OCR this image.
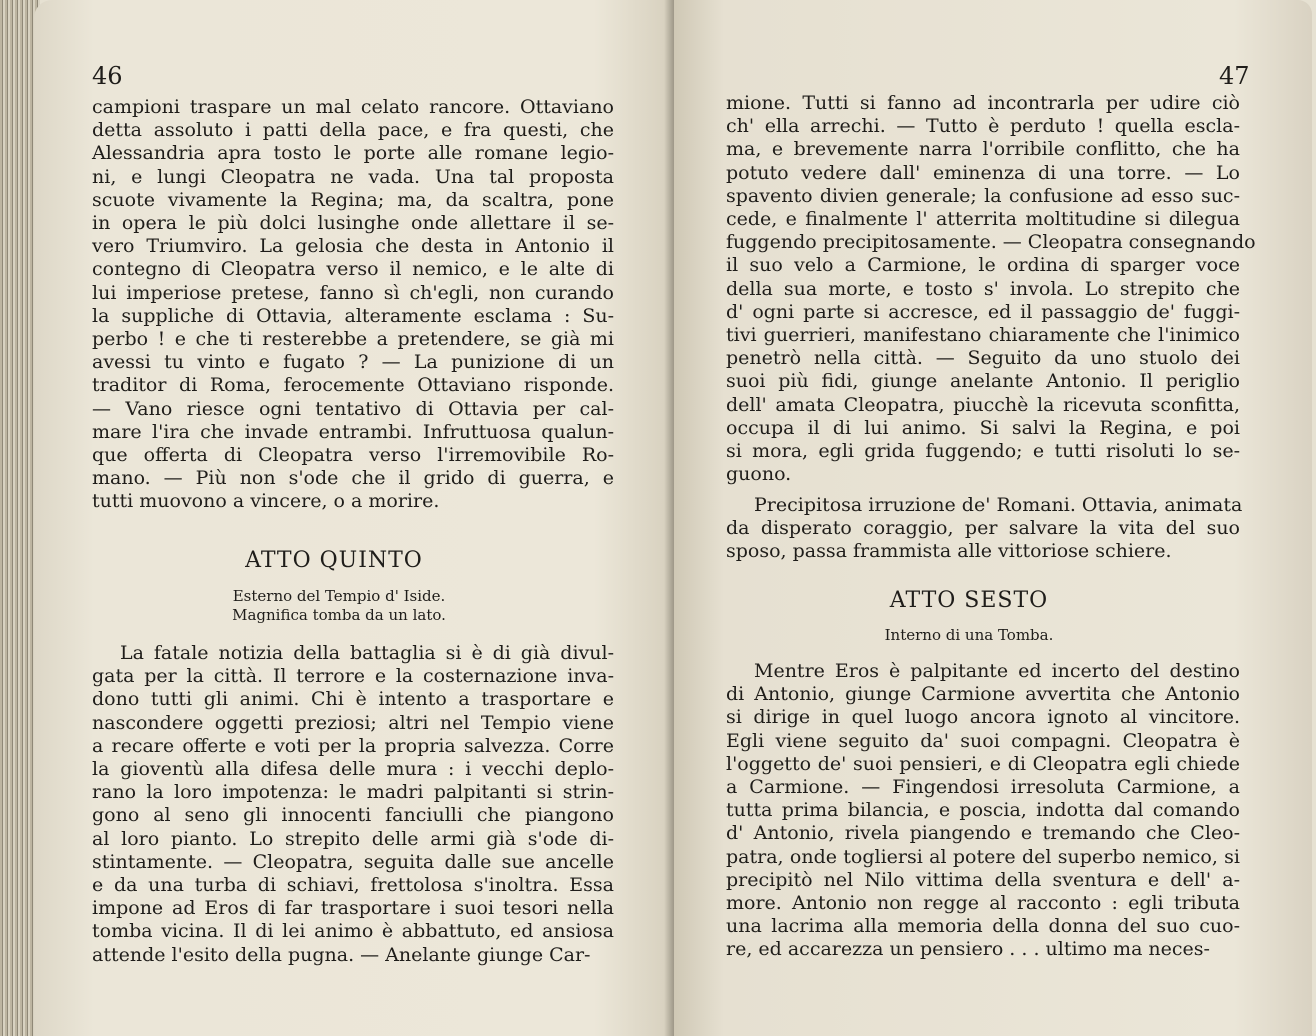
46
campioni traspare un mal celato rancore. Ottaviano
detta assoluto i patti della pace, e fra questi, che
Alessandria apra tosto le porte alle romane legio-
ni, e lungi Cleopatra ne vada. Una tal proposta
scuote vivamente la Regina; ma, da scaltra, pone
in opera le più dolci lusinghe onde allettare il se-
vero Triumviro. La gelosia che desta in Antonio il
contegno di Cleopatra verso il nemico, e le alte di
lui imperiose pretese, fanno sì ch'egli, non curando
la suppliche di Ottavia, alteramente esclama : Su-
perbo ! e che ti resterebbe a pretendere, se già mi
avessi tu vinto e fugato ? — La punizione di un
traditor di Roma, ferocemente Ottaviano risponde.
— Vano riesce ogni tentativo di Ottavia per cal-
mare l'ira che invade entrambi. Infruttuosa qualun-
que offerta di Cleopatra verso l'irremovibile Ro-
mano. — Più non s'ode che il grido di guerra, e
tutti muovono a vincere, o a morire.
ATTO QUINTO
Esterno del Tempio d' Iside.
Magnifica tomba da un lato.
La fatale notizia della battaglia si è di già divul-
gata per la città. Il terrore e la costernazione inva-
dono tutti gli animi. Chi è intento a trasportare e
nascondere oggetti preziosi; altri nel Tempio viene
a recare offerte e voti per la propria salvezza. Corre
la gioventù alla difesa delle mura : i vecchi deplo-
rano la loro impotenza: le madri palpitanti si strin-
gono al seno gli innocenti fanciulli che piangono
al loro pianto. Lo strepito delle armi già s'ode di-
stintamente. — Cleopatra, seguita dalle sue ancelle
e da una turba di schiavi, frettolosa s'inoltra. Essa
impone ad Eros di far trasportare i suoi tesori nella
tomba vicina. Il di lei animo è abbattuto, ed ansiosa
attende l'esito della pugna. — Anelante giunge Car-
47
mione. Tutti si fanno ad incontrarla per udire ciò
ch' ella arrechi. — Tutto è perduto ! quella escla-
ma, e brevemente narra l'orribile conflitto, che ha
potuto vedere dall' eminenza di una torre. — Lo
spavento divien generale; la confusione ad esso suc-
cede, e finalmente l' atterrita moltitudine si dilegua
fuggendo precipitosamente. — Cleopatra consegnando
il suo velo a Carmione, le ordina di sparger voce
della sua morte, e tosto s' invola. Lo strepito che
d' ogni parte si accresce, ed il passaggio de' fuggi-
tivi guerrieri, manifestano chiaramente che l'inimico
penetrò nella città. — Seguito da uno stuolo dei
suoi più fidi, giunge anelante Antonio. Il periglio
dell' amata Cleopatra, piucchè la ricevuta sconfitta,
occupa il di lui animo. Si salvi la Regina, e poi
si mora, egli grida fuggendo; e tutti risoluti lo se-
guono.
Precipitosa irruzione de' Romani. Ottavia, animata
da disperato coraggio, per salvare la vita del suo
sposo, passa frammista alle vittoriose schiere.
ATTO SESTO
Interno di una Tomba.
Mentre Eros è palpitante ed incerto del destino
di Antonio, giunge Carmione avvertita che Antonio
si dirige in quel luogo ancora ignoto al vincitore.
Egli viene seguito da' suoi compagni. Cleopatra è
l'oggetto de' suoi pensieri, e di Cleopatra egli chiede
a Carmione. — Fingendosi irresoluta Carmione, a
tutta prima bilancia, e poscia, indotta dal comando
d' Antonio, rivela piangendo e tremando che Cleo-
patra, onde togliersi al potere del superbo nemico, si
precipitò nel Nilo vittima della sventura e dell' a-
more. Antonio non regge al racconto : egli tributa
una lacrima alla memoria della donna del suo cuo-
re, ed accarezza un pensiero . . . ultimo ma neces-
